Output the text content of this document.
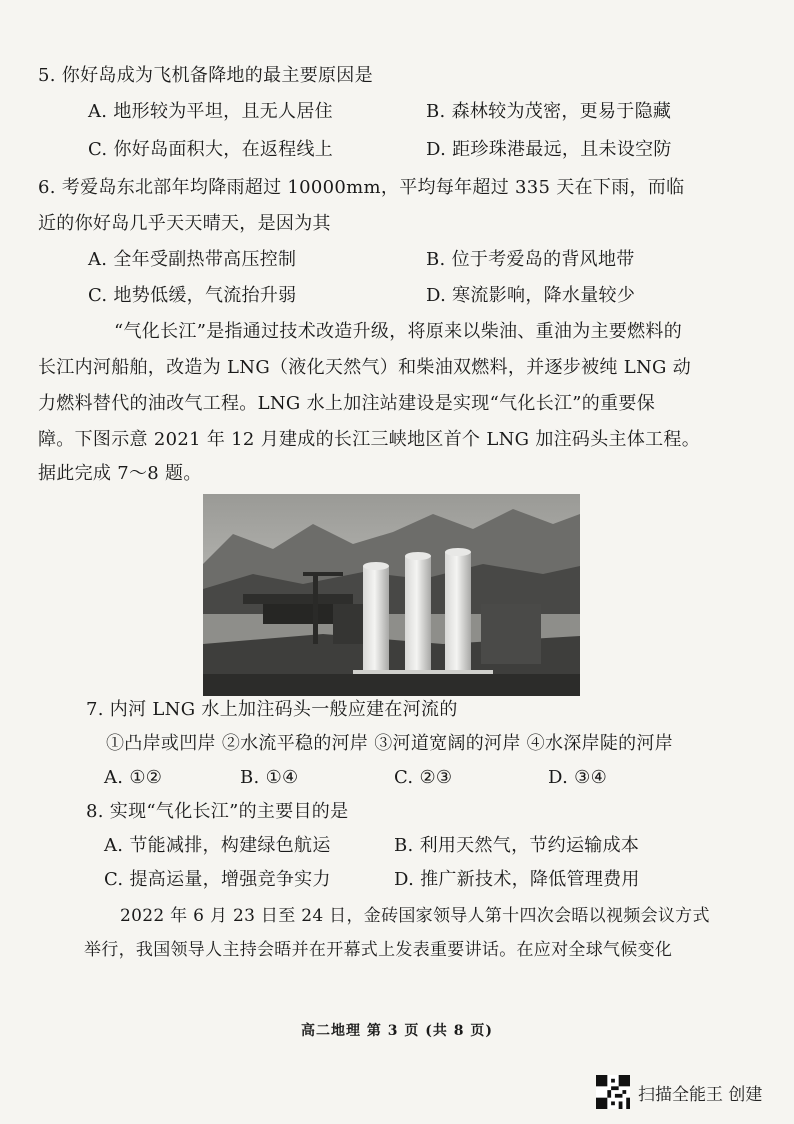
5. 你好岛成为飞机备降地的最主要原因是
A. 地形较为平坦，且无人居住	B. 森林较为茂密，更易于隐藏
C. 你好岛面积大，在返程线上	D. 距珍珠港最远，且未设空防
6. 考爱岛东北部年均降雨超过 10000mm，平均每年超过 335 天在下雨，而临
近的你好岛几乎天天晴天，是因为其
A. 全年受副热带高压控制	B. 位于考爱岛的背风地带
C. 地势低缓，气流抬升弱	D. 寒流影响，降水量较少
“气化长江”是指通过技术改造升级，将原来以柴油、重油为主要燃料的
长江内河船舶，改造为 LNG（液化天然气）和柴油双燃料，并逐步被纯 LNG 动
力燃料替代的油改气工程。LNG 水上加注站建设是实现“气化长江”的重要保
障。下图示意 2021 年 12 月建成的长江三峡地区首个 LNG 加注码头主体工程。
据此完成 7～8 题。
7. 内河 LNG 水上加注码头一般应建在河流的
①凸岸或凹岸 ②水流平稳的河岸 ③河道宽阔的河岸 ④水深岸陡的河岸
A. ①②	B. ①④	C. ②③	D. ③④
8. 实现“气化长江”的主要目的是
A. 节能减排，构建绿色航运	B. 利用天然气，节约运输成本
C. 提高运量，增强竞争实力	D. 推广新技术，降低管理费用
2022 年 6 月 23 日至 24 日，金砖国家领导人第十四次会晤以视频会议方式
举行，我国领导人主持会晤并在开幕式上发表重要讲话。在应对全球气候变化
高二地理 第 3 页 (共 8 页)
扫描全能王 创建
